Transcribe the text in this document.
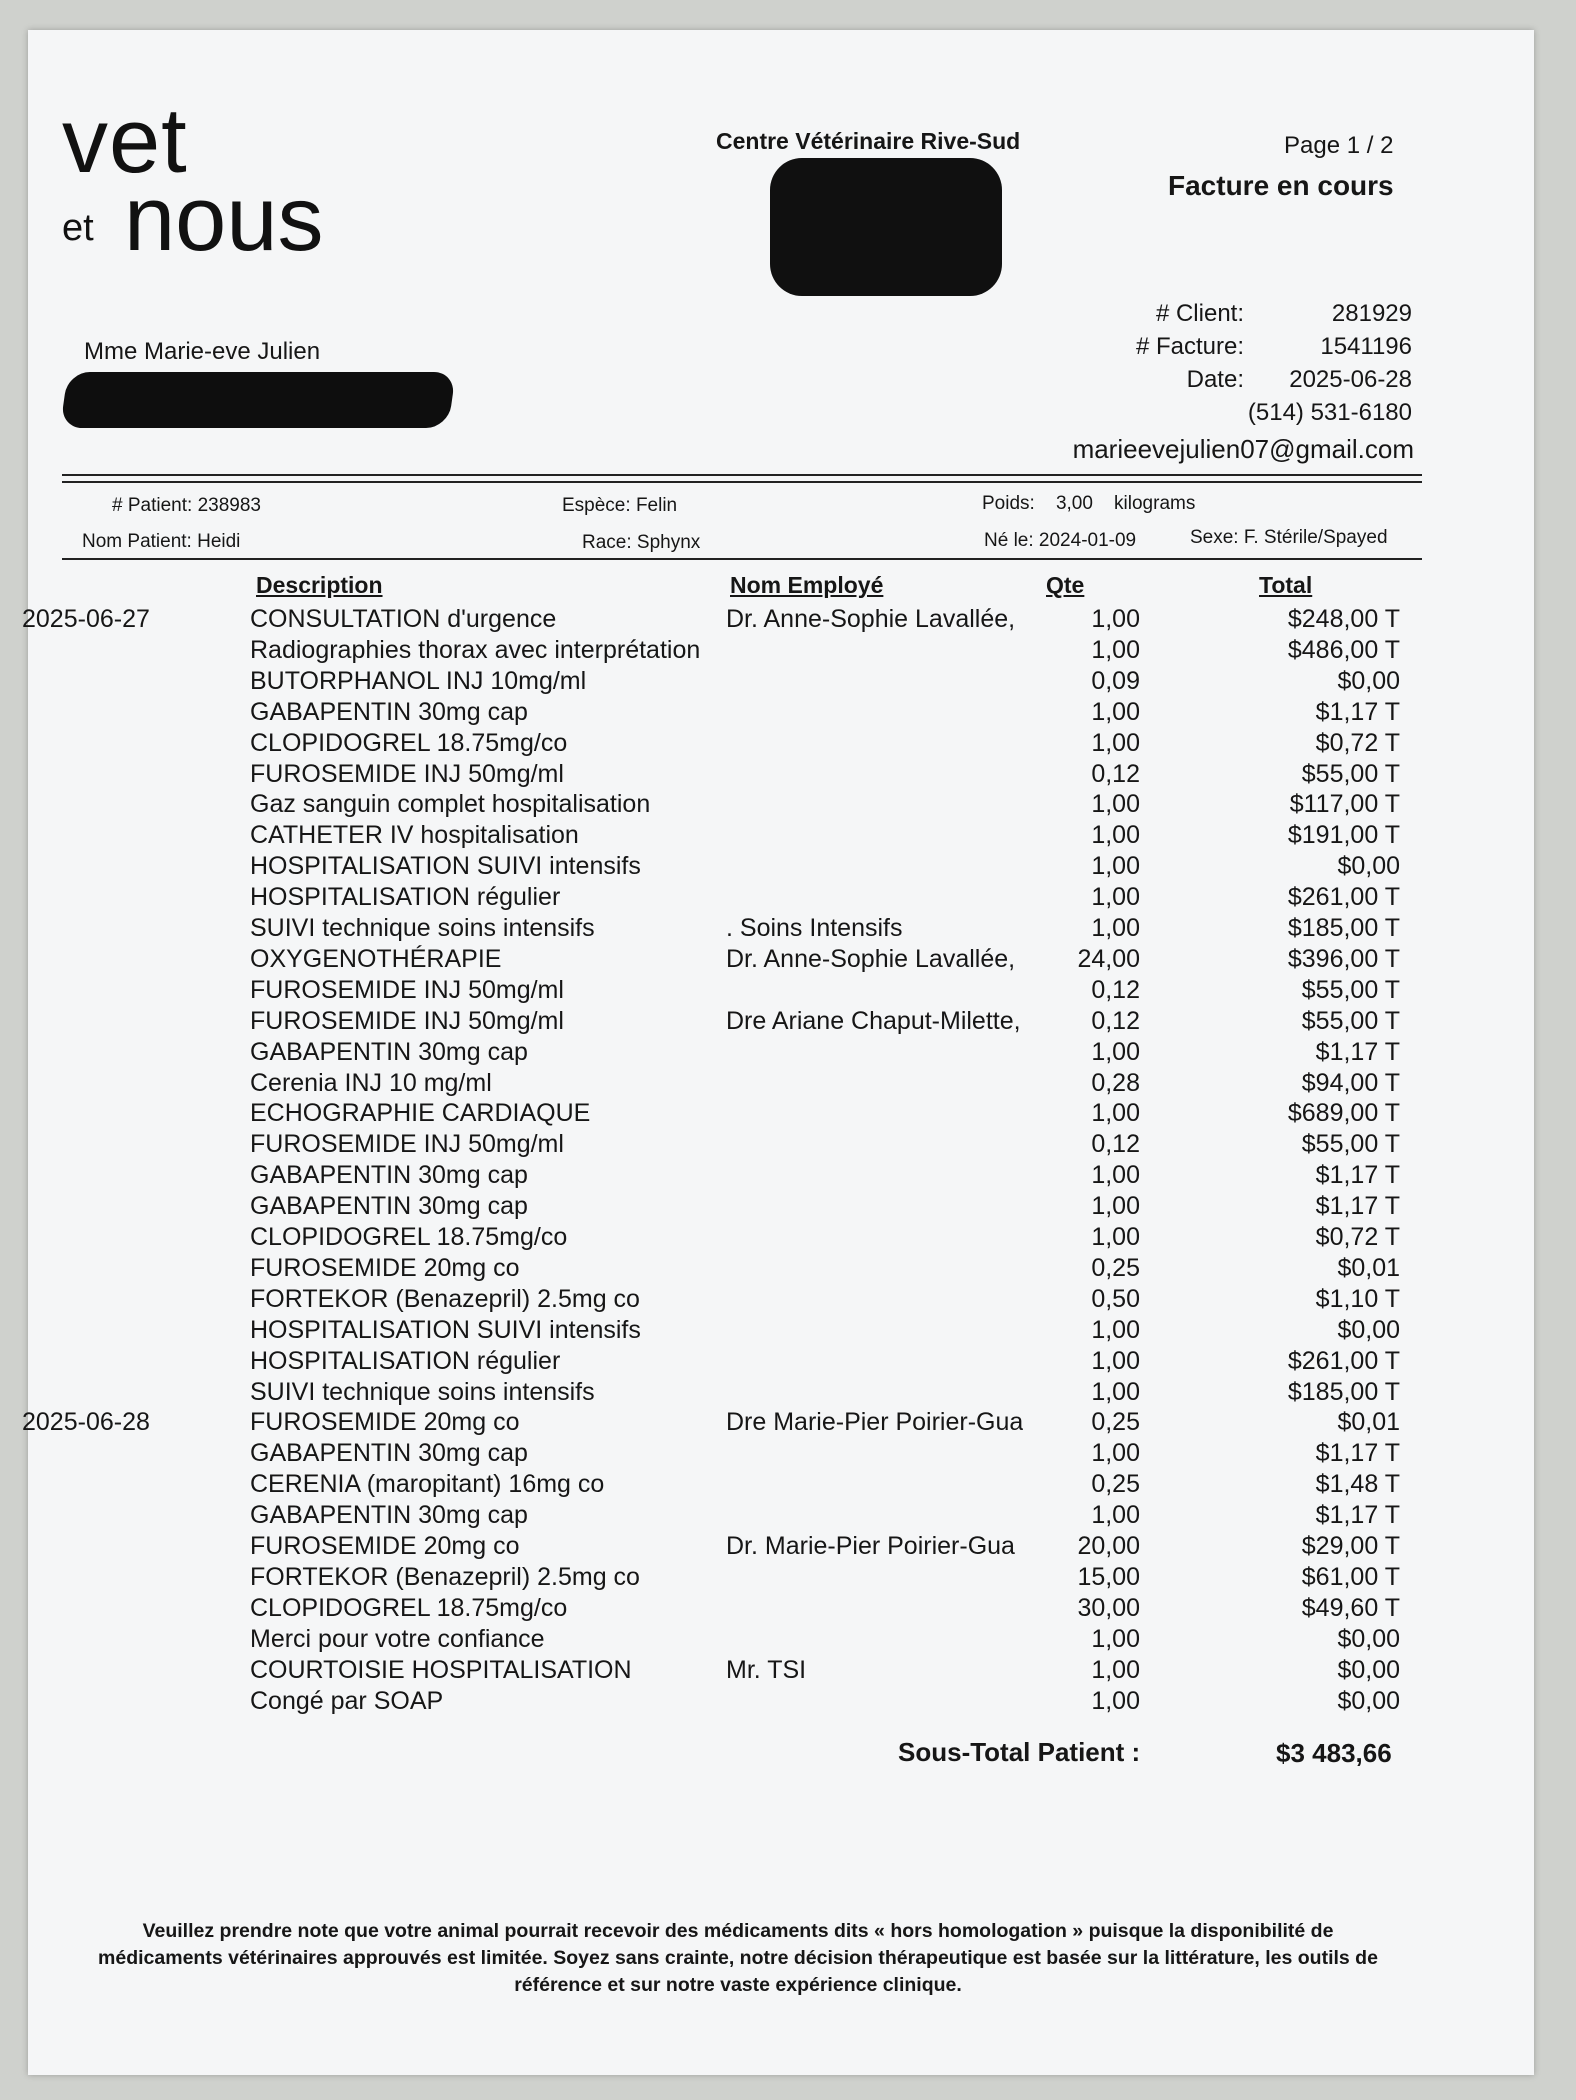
vet
et nous
Centre Vétérinaire Rive-Sud	Page 1 / 2
Facture en cours
Mme Marie-eve Julien
# Client:	281929
# Facture:	1541196
Date:	2025-06-28
(514) 531-6180
marieevejulien07@gmail.com
# Patient: 238983
Nom Patient: Heidi
Espèce: Felin
Race: Sphynx
Poids: 3,00 kilograms
Né le: 2024-01-09	Sexe: F. Stérile/Spayed
Description	Nom Employé	Qte	Total
2025-06-27	CONSULTATION d'urgence	Dr. Anne-Sophie Lavallée,	1,00	$248,00 T
Radiographies thorax avec interprétation	1,00	$486,00 T
BUTORPHANOL INJ 10mg/ml	0,09	$0,00
GABAPENTIN 30mg cap	1,00	$1,17 T
CLOPIDOGREL 18.75mg/co	1,00	$0,72 T
FUROSEMIDE INJ 50mg/ml	0,12	$55,00 T
Gaz sanguin complet hospitalisation	1,00	$117,00 T
CATHETER IV hospitalisation	1,00	$191,00 T
HOSPITALISATION SUIVI intensifs	1,00	$0,00
HOSPITALISATION régulier	1,00	$261,00 T
SUIVI technique soins intensifs	. Soins Intensifs	1,00	$185,00 T
OXYGENOTHÉRAPIE	Dr. Anne-Sophie Lavallée,	24,00	$396,00 T
FUROSEMIDE INJ 50mg/ml	0,12	$55,00 T
FUROSEMIDE INJ 50mg/ml	Dre Ariane Chaput-Milette,	0,12	$55,00 T
GABAPENTIN 30mg cap	1,00	$1,17 T
Cerenia INJ 10 mg/ml	0,28	$94,00 T
ECHOGRAPHIE CARDIAQUE	1,00	$689,00 T
FUROSEMIDE INJ 50mg/ml	0,12	$55,00 T
GABAPENTIN 30mg cap	1,00	$1,17 T
GABAPENTIN 30mg cap	1,00	$1,17 T
CLOPIDOGREL 18.75mg/co	1,00	$0,72 T
FUROSEMIDE 20mg co	0,25	$0,01
FORTEKOR (Benazepril) 2.5mg co	0,50	$1,10 T
HOSPITALISATION SUIVI intensifs	1,00	$0,00
HOSPITALISATION régulier	1,00	$261,00 T
SUIVI technique soins intensifs	1,00	$185,00 T
2025-06-28	FUROSEMIDE 20mg co	Dre Marie-Pier Poirier-Gua	0,25	$0,01
GABAPENTIN 30mg cap	1,00	$1,17 T
CERENIA (maropitant) 16mg co	0,25	$1,48 T
GABAPENTIN 30mg cap	1,00	$1,17 T
FUROSEMIDE 20mg co	Dr. Marie-Pier Poirier-Gua	20,00	$29,00 T
FORTEKOR (Benazepril) 2.5mg co	15,00	$61,00 T
CLOPIDOGREL 18.75mg/co	30,00	$49,60 T
Merci pour votre confiance	1,00	$0,00
COURTOISIE HOSPITALISATION	Mr. TSI	1,00	$0,00
Congé par SOAP	1,00	$0,00
Sous-Total Patient :	$3 483,66
Veuillez prendre note que votre animal pourrait recevoir des médicaments dits « hors homologation » puisque la disponibilité de
médicaments vétérinaires approuvés est limitée. Soyez sans crainte, notre décision thérapeutique est basée sur la littérature, les outils de
référence et sur notre vaste expérience clinique.
